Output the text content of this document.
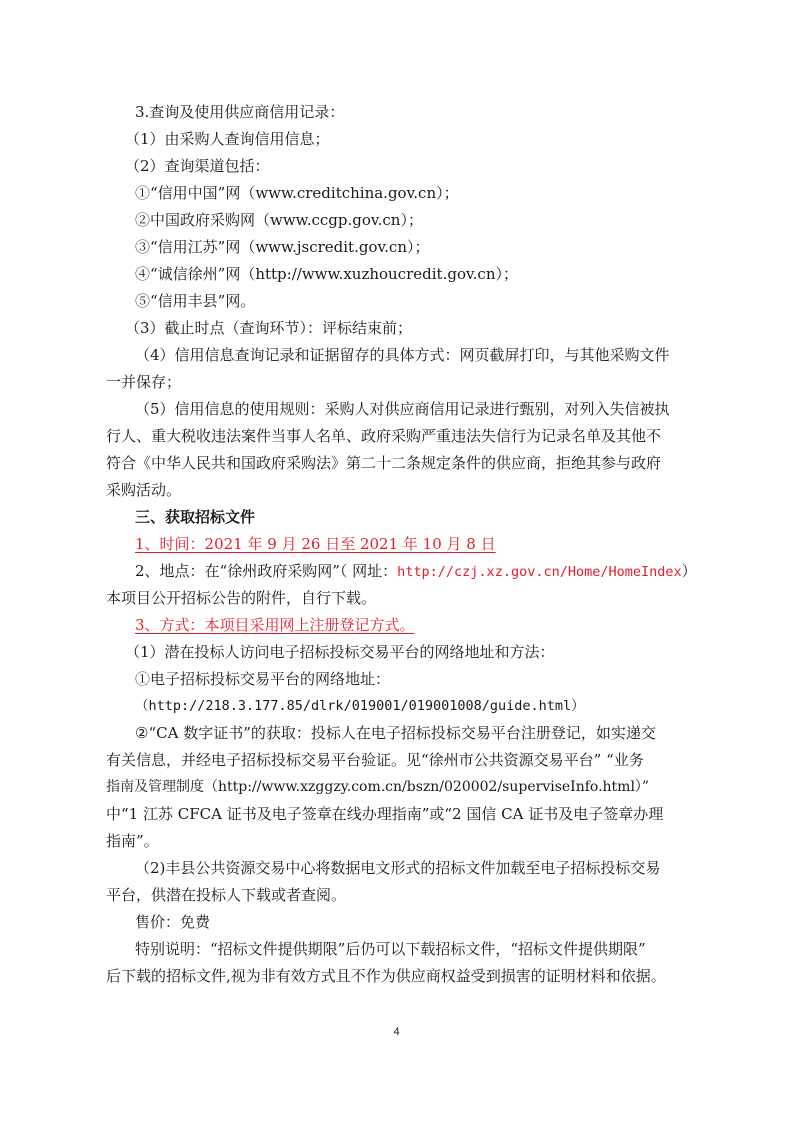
3.查询及使用供应商信用记录：
（1）由采购人查询信用信息；
（2）查询渠道包括：
①“信用中国”网（www.creditchina.gov.cn）；
②中国政府采购网（www.ccgp.gov.cn）；
③“信用江苏”网（www.jscredit.gov.cn）；
④“诚信徐州”网（http://www.xuzhoucredit.gov.cn）；
⑤“信用丰县”网。
（3）截止时点（查询环节）：评标结束前；
（4）信用信息查询记录和证据留存的具体方式：网页截屏打印，与其他采购文件
一并保存；
（5）信用信息的使用规则：采购人对供应商信用记录进行甄别，对列入失信被执
行人、重大税收违法案件当事人名单、政府采购严重违法失信行为记录名单及其他不
符合《中华人民共和国政府采购法》第二十二条规定条件的供应商，拒绝其参与政府
采购活动。
三、获取招标文件
1、时间：2021 年 9 月 26 日至 2021 年 10 月 8 日
2、地点：在“徐州政府采购网”（ 网址：http://czj.xz.gov.cn/Home/HomeIndex）
本项目公开招标公告的附件，自行下载。
3、方式：本项目采用网上注册登记方式。
（1）潜在投标人访问电子招标投标交易平台的网络地址和方法：
①电子招标投标交易平台的网络地址：
（http://218.3.177.85/dlrk/019001/019001008/guide.html）
②“CA 数字证书”的获取：投标人在电子招标投标交易平台注册登记，如实递交
有关信息，并经电子招标投标交易平台验证。见“徐州市公共资源交易平台” “业务
指南及管理制度（http://www.xzggzy.com.cn/bszn/020002/superviseInfo.html）”
中“1 江苏 CFCA 证书及电子签章在线办理指南”或“2 国信 CA 证书及电子签章办理
指南”。
（2)丰县公共资源交易中心将数据电文形式的招标文件加载至电子招标投标交易
平台，供潜在投标人下载或者查阅。
售价：免费
特别说明：“招标文件提供期限”后仍可以下载招标文件，“招标文件提供期限”
后下载的招标文件,视为非有效方式且不作为供应商权益受到损害的证明材料和依据。
4
